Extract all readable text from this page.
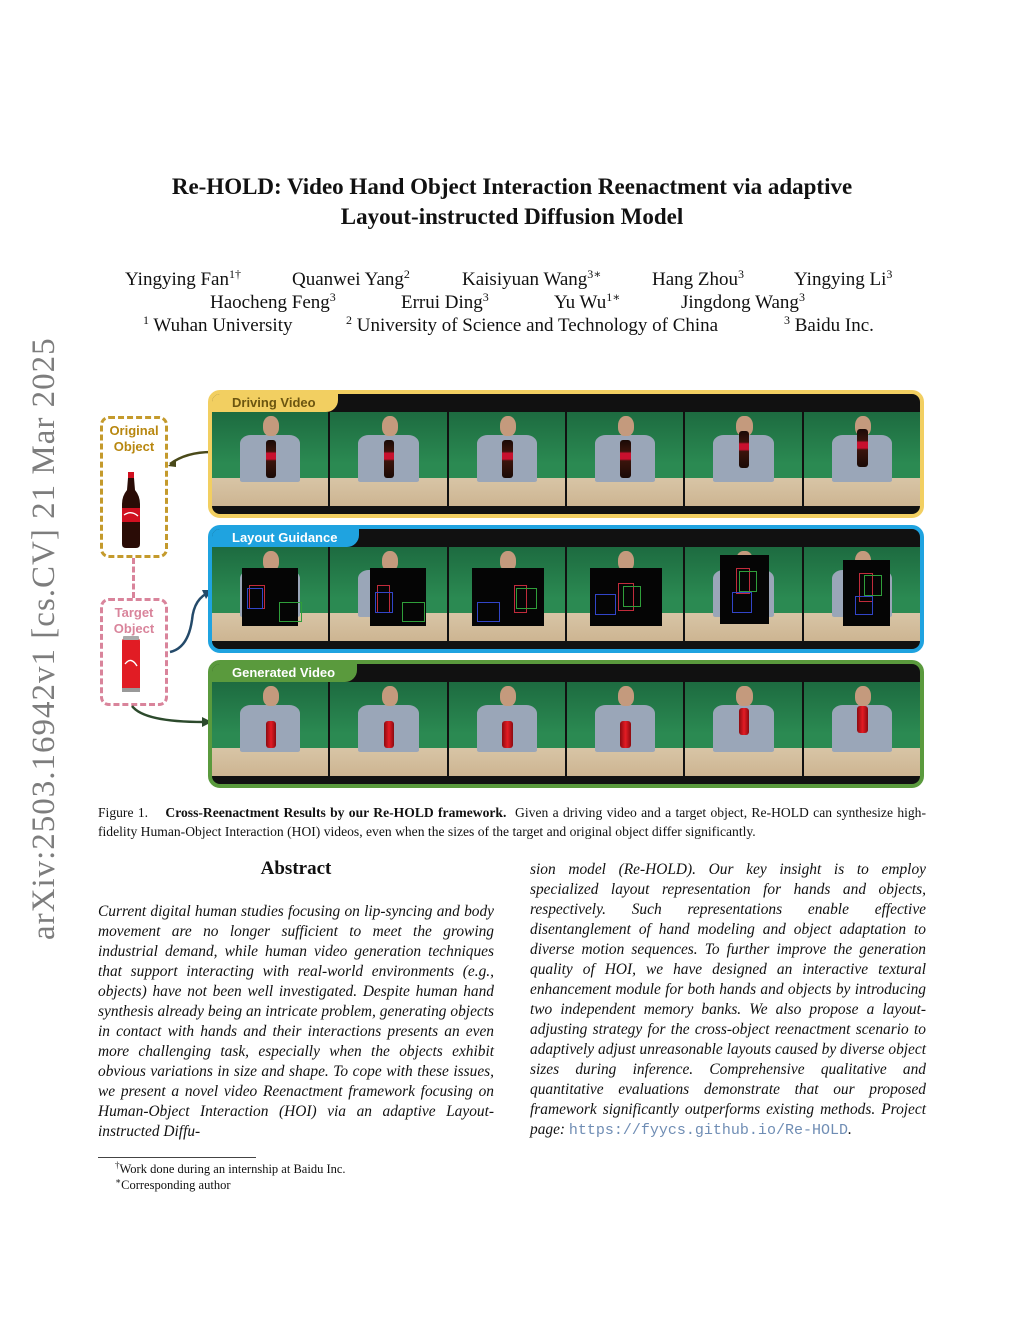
arXiv:2503.16942v1 [cs.CV] 21 Mar 2025
Re-HOLD: Video Hand Object Interaction Reenactment via adaptive
Layout-instructed Diffusion Model
Yingying Fan$^{1\dagger}$	Quanwei Yang$^2$	Kaisiyuan Wang$^{3∗}$	Hang Zhou$^3$	Yingying Li$^3$
Haocheng Feng$^3$	Errui Ding$^3$	Yu $Wu^{1∗}$	Jingdong Wang$^3$
$^1$ Wuhan University	$^2$ University of Science and Technology of China	$^3$ Baidu Inc.
Original
Object
Target
Object
Driving Video
Layout Guidance
Generated Video
Figure 1. Cross-Reenactment Results by our Re-HOLD framework. Given a driving video and a target object, Re-HOLD can synthesize high-fidelity Human-Object Interaction (HOI) videos, even when the sizes of the target and original object differ significantly.
Abstract
Current digital human studies focusing on lip-syncing and body movement are no longer sufficient to meet the growing industrial demand, while human video generation techniques that support interacting with real-world environments (e.g., objects) have not been well investigated. Despite human hand synthesis already being an intricate problem, generating objects in contact with hands and their interactions presents an even more challenging task, especially when the objects exhibit obvious variations in size and shape. To cope with these issues, we present a novel video Reenactment framework focusing on Human-Object Interaction (HOI) via an adaptive Layout-instructed Diffu-
sion model (Re-HOLD). Our key insight is to employ specialized layout representation for hands and objects, respectively. Such representations enable effective disentanglement of hand modeling and object adaptation to diverse motion sequences. To further improve the generation quality of HOI, we have designed an interactive textural enhancement module for both hands and objects by introducing two independent memory banks. We also propose a layout-adjusting strategy for the cross-object reenactment scenario to adaptively adjust unreasonable layouts caused by diverse object sizes during inference. Comprehensive qualitative and quantitative evaluations demonstrate that our proposed framework significantly outperforms existing methods. Project page: https://fyycs.github.io/Re-HOLD.
†Work done during an internship at Baidu Inc.
∗Corresponding author
